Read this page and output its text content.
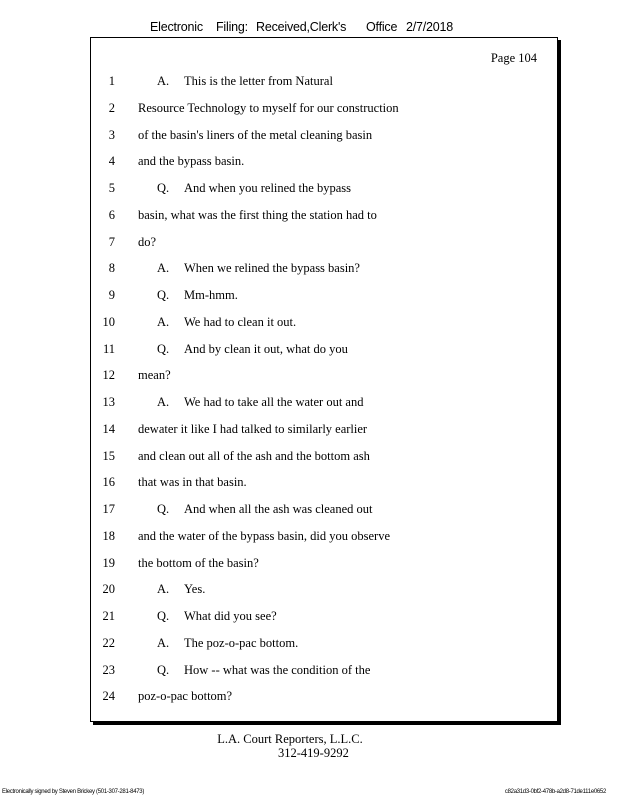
Electronic Filing: Received,Clerk's Office 2/7/2018
Page 104
1	A. This is the letter from Natural
2 Resource Technology to myself for our construction
3 of the basin's liners of the metal cleaning basin
4 and the bypass basin.
5	Q. And when you relined the bypass
6 basin, what was the first thing the station had to
7 do?
8	A. When we relined the bypass basin?
9	Q. Mm-hmm.
10	A. We had to clean it out.
11	Q. And by clean it out, what do you
12 mean?
13	A. We had to take all the water out and
14 dewater it like I had talked to similarly earlier
15 and clean out all of the ash and the bottom ash
16 that was in that basin.
17	Q. And when all the ash was cleaned out
18 and the water of the bypass basin, did you observe
19 the bottom of the basin?
20	A. Yes.
21	Q. What did you see?
22	A. The poz-o-pac bottom.
23	Q. How -- what was the condition of the
24 poz-o-pac bottom?
L.A. Court Reporters, L.L.C.
312-419-9292
Electronically signed by Steven Brickey (501-307-281-8473)	c82a31d3-0bf2-478b-a2d8-71de111e0652
